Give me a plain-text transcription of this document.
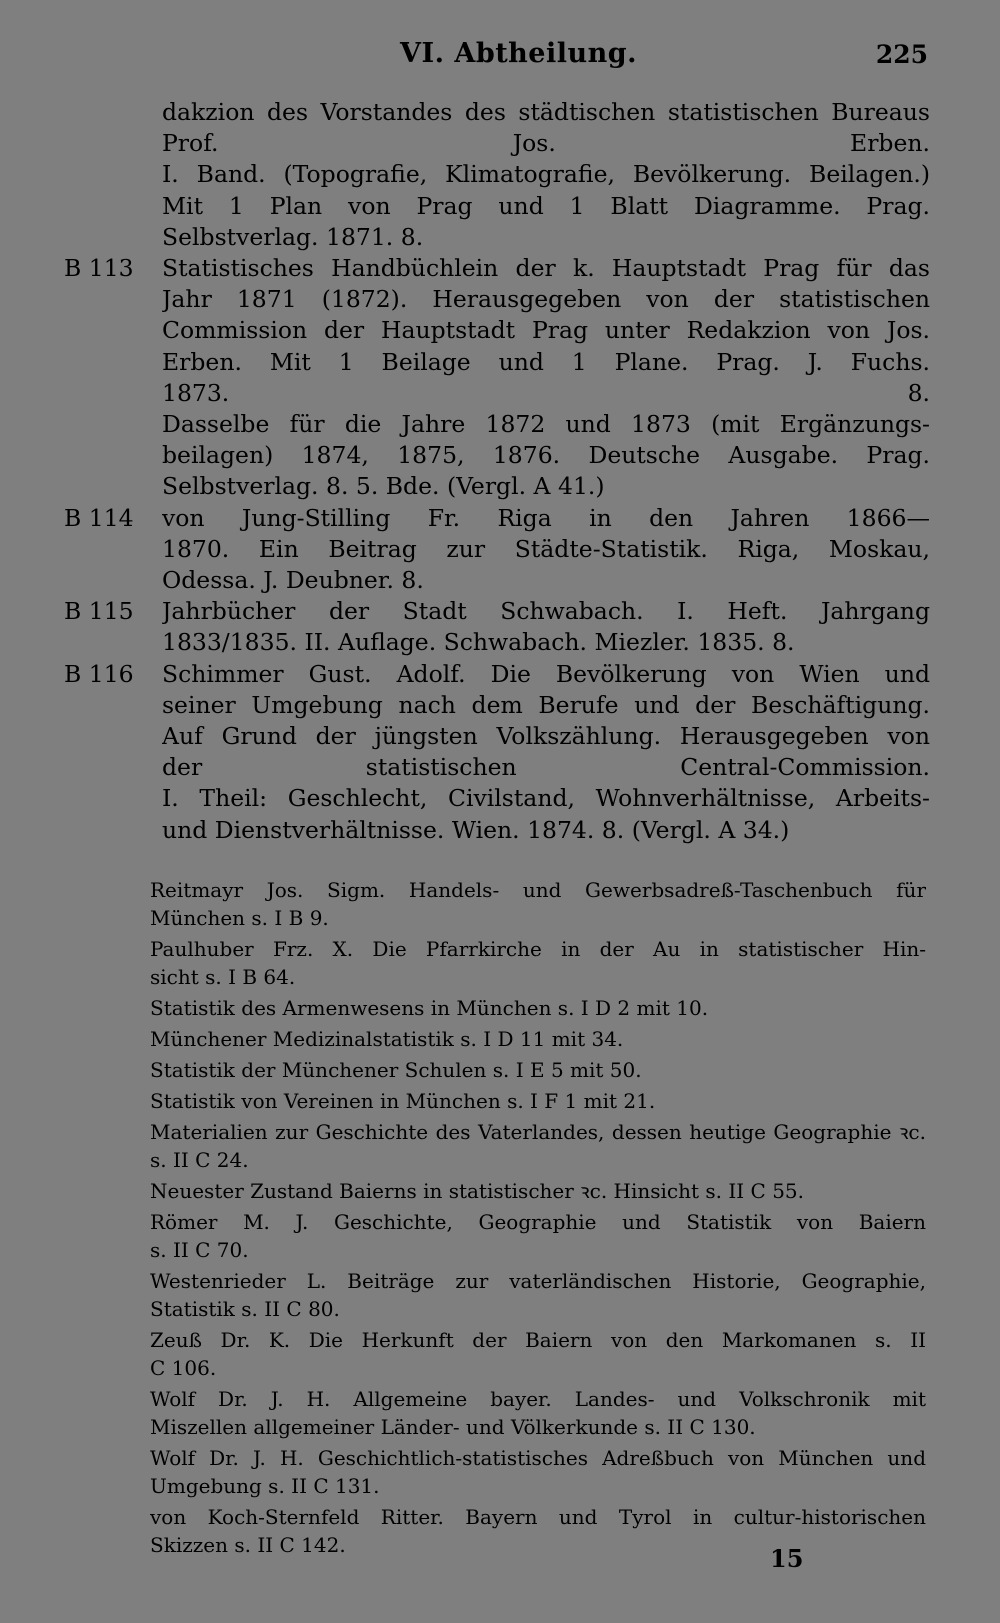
VI. Abtheilung.	225
dakzion des Vorstandes des städtischen statistischen Bureaus
Prof. Jos. Erben.
I. Band. (Topografie, Klimatografie, Bevölkerung. Beilagen.)
Mit 1 Plan von Prag und 1 Blatt Diagramme. Prag.
Selbstverlag. 1871. 8.
B 113	Statistisches Handbüchlein der k. Hauptstadt Prag für das
Jahr 1871 (1872). Herausgegeben von der statistischen
Commission der Hauptstadt Prag unter Redakzion von Jos.
Erben. Mit 1 Beilage und 1 Plane. Prag. J. Fuchs.
1873. 8.
Dasselbe für die Jahre 1872 und 1873 (mit Ergänzungs-
beilagen) 1874, 1875, 1876. Deutsche Ausgabe. Prag.
Selbstverlag. 8. 5. Bde. (Vergl. A 41.)
B 114	von Jung-Stilling Fr. Riga in den Jahren 1866—
1870. Ein Beitrag zur Städte-Statistik. Riga, Moskau,
Odessa. J. Deubner. 8.
B 115	Jahrbücher der Stadt Schwabach. I. Heft. Jahrgang
1833/1835. II. Auflage. Schwabach. Miezler. 1835. 8.
B 116	Schimmer Gust. Adolf. Die Bevölkerung von Wien und
seiner Umgebung nach dem Berufe und der Beschäftigung.
Auf Grund der jüngsten Volkszählung. Herausgegeben von
der statistischen Central-Commission.
I. Theil: Geschlecht, Civilstand, Wohnverhältnisse, Arbeits-
und Dienstverhältnisse. Wien. 1874. 8. (Vergl. A 34.)
Reitmayr Jos. Sigm. Handels- und Gewerbsadreß-Taschenbuch für
München s. I B 9.
Paulhuber Frz. X. Die Pfarrkirche in der Au in statistischer Hin-
sicht s. I B 64.
Statistik des Armenwesens in München s. I D 2 mit 10.
Münchener Medizinalstatistik s. I D 11 mit 34.
Statistik der Münchener Schulen s. I E 5 mit 50.
Statistik von Vereinen in München s. I F 1 mit 21.
Materialien zur Geschichte des Vaterlandes, dessen heutige Geographie ꝛc.
s. II C 24.
Neuester Zustand Baierns in statistischer ꝛc. Hinsicht s. II C 55.
Römer M. J. Geschichte, Geographie und Statistik von Baiern
s. II C 70.
Westenrieder L. Beiträge zur vaterländischen Historie, Geographie,
Statistik s. II C 80.
Zeuß Dr. K. Die Herkunft der Baiern von den Markomanen s. II
C 106.
Wolf Dr. J. H. Allgemeine bayer. Landes- und Volkschronik mit
Miszellen allgemeiner Länder- und Völkerkunde s. II C 130.
Wolf Dr. J. H. Geschichtlich-statistisches Adreßbuch von München und
Umgebung s. II C 131.
von Koch-Sternfeld Ritter. Bayern und Tyrol in cultur-historischen
Skizzen s. II C 142.	15
